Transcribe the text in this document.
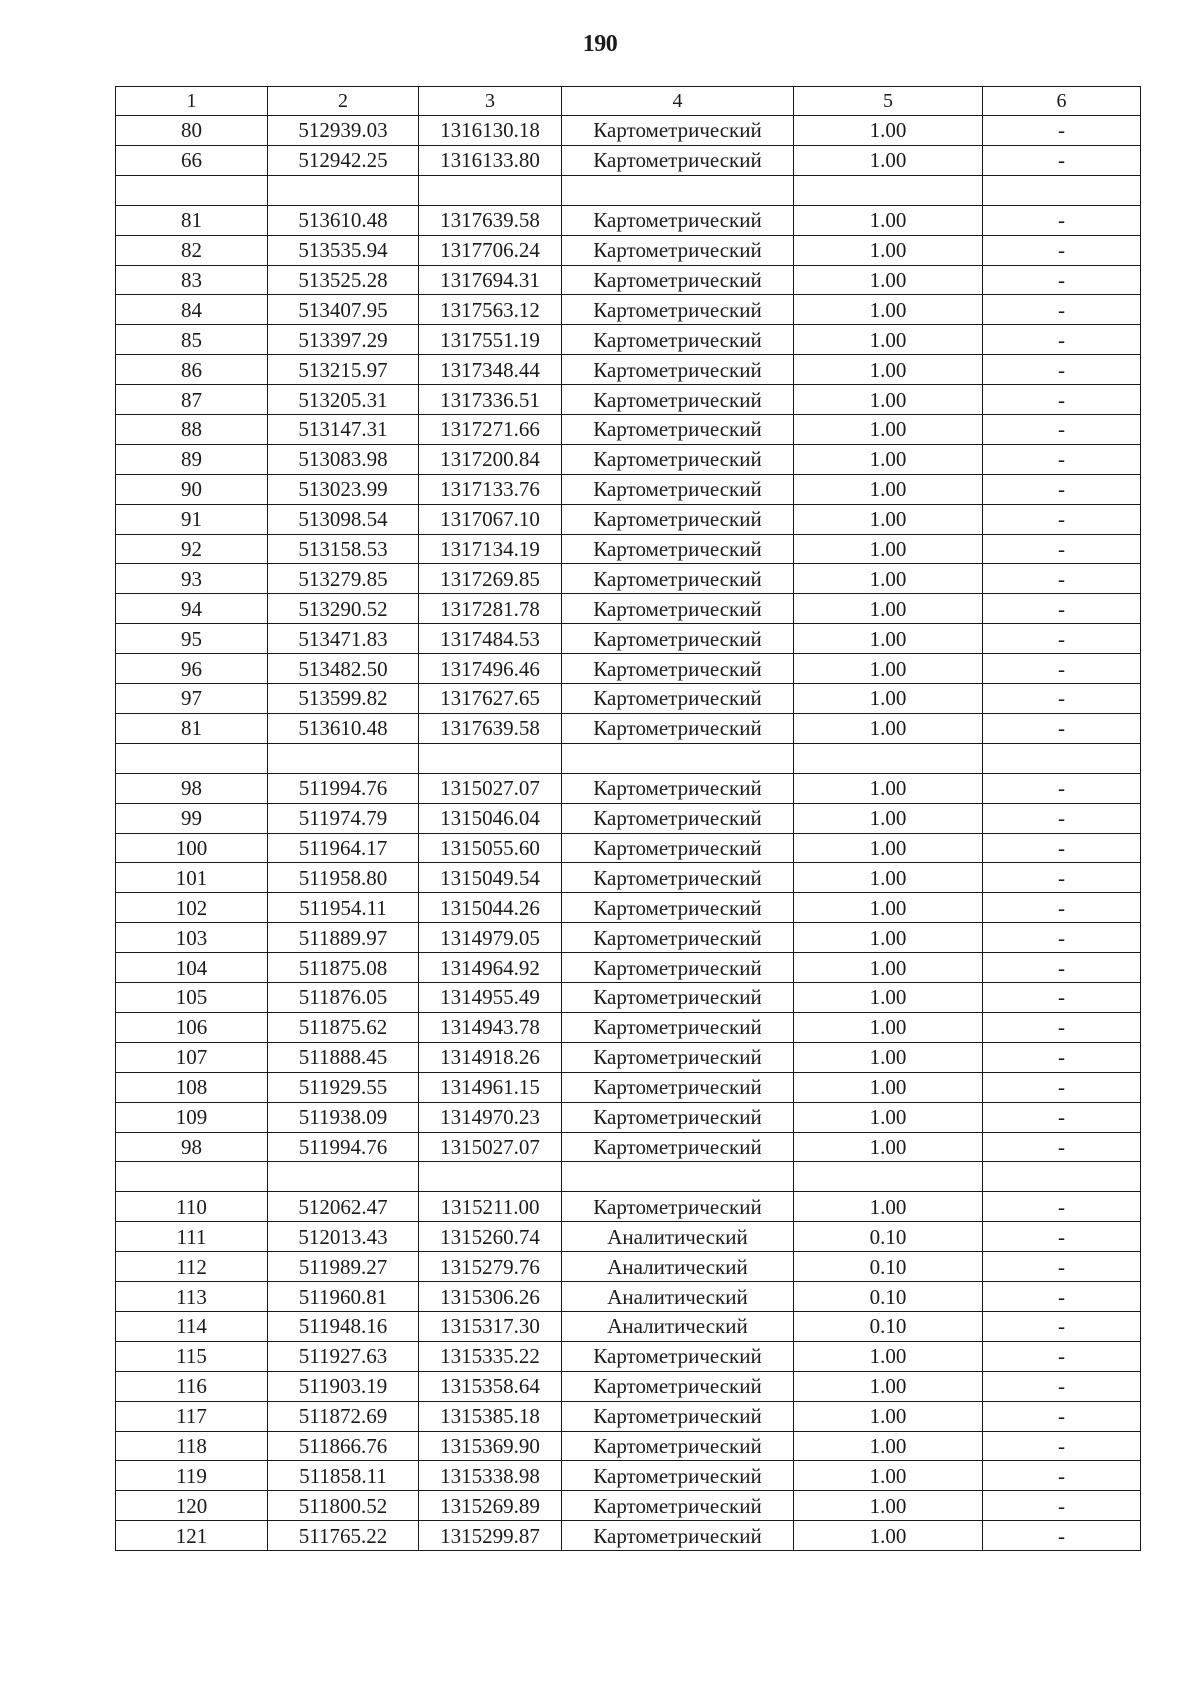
190
1	2	3	4	5	6
80	512939.03	1316130.18	Картометрический	1.00	-
66	512942.25	1316133.80	Картометрический	1.00	-

81	513610.48	1317639.58	Картометрический	1.00	-
82	513535.94	1317706.24	Картометрический	1.00	-
83	513525.28	1317694.31	Картометрический	1.00	-
84	513407.95	1317563.12	Картометрический	1.00	-
85	513397.29	1317551.19	Картометрический	1.00	-
86	513215.97	1317348.44	Картометрический	1.00	-
87	513205.31	1317336.51	Картометрический	1.00	-
88	513147.31	1317271.66	Картометрический	1.00	-
89	513083.98	1317200.84	Картометрический	1.00	-
90	513023.99	1317133.76	Картометрический	1.00	-
91	513098.54	1317067.10	Картометрический	1.00	-
92	513158.53	1317134.19	Картометрический	1.00	-
93	513279.85	1317269.85	Картометрический	1.00	-
94	513290.52	1317281.78	Картометрический	1.00	-
95	513471.83	1317484.53	Картометрический	1.00	-
96	513482.50	1317496.46	Картометрический	1.00	-
97	513599.82	1317627.65	Картометрический	1.00	-
81	513610.48	1317639.58	Картометрический	1.00	-

98	511994.76	1315027.07	Картометрический	1.00	-
99	511974.79	1315046.04	Картометрический	1.00	-
100	511964.17	1315055.60	Картометрический	1.00	-
101	511958.80	1315049.54	Картометрический	1.00	-
102	511954.11	1315044.26	Картометрический	1.00	-
103	511889.97	1314979.05	Картометрический	1.00	-
104	511875.08	1314964.92	Картометрический	1.00	-
105	511876.05	1314955.49	Картометрический	1.00	-
106	511875.62	1314943.78	Картометрический	1.00	-
107	511888.45	1314918.26	Картометрический	1.00	-
108	511929.55	1314961.15	Картометрический	1.00	-
109	511938.09	1314970.23	Картометрический	1.00	-
98	511994.76	1315027.07	Картометрический	1.00	-

110	512062.47	1315211.00	Картометрический	1.00	-
111	512013.43	1315260.74	Аналитический	0.10	-
112	511989.27	1315279.76	Аналитический	0.10	-
113	511960.81	1315306.26	Аналитический	0.10	-
114	511948.16	1315317.30	Аналитический	0.10	-
115	511927.63	1315335.22	Картометрический	1.00	-
116	511903.19	1315358.64	Картометрический	1.00	-
117	511872.69	1315385.18	Картометрический	1.00	-
118	511866.76	1315369.90	Картометрический	1.00	-
119	511858.11	1315338.98	Картометрический	1.00	-
120	511800.52	1315269.89	Картометрический	1.00	-
121	511765.22	1315299.87	Картометрический	1.00	-
